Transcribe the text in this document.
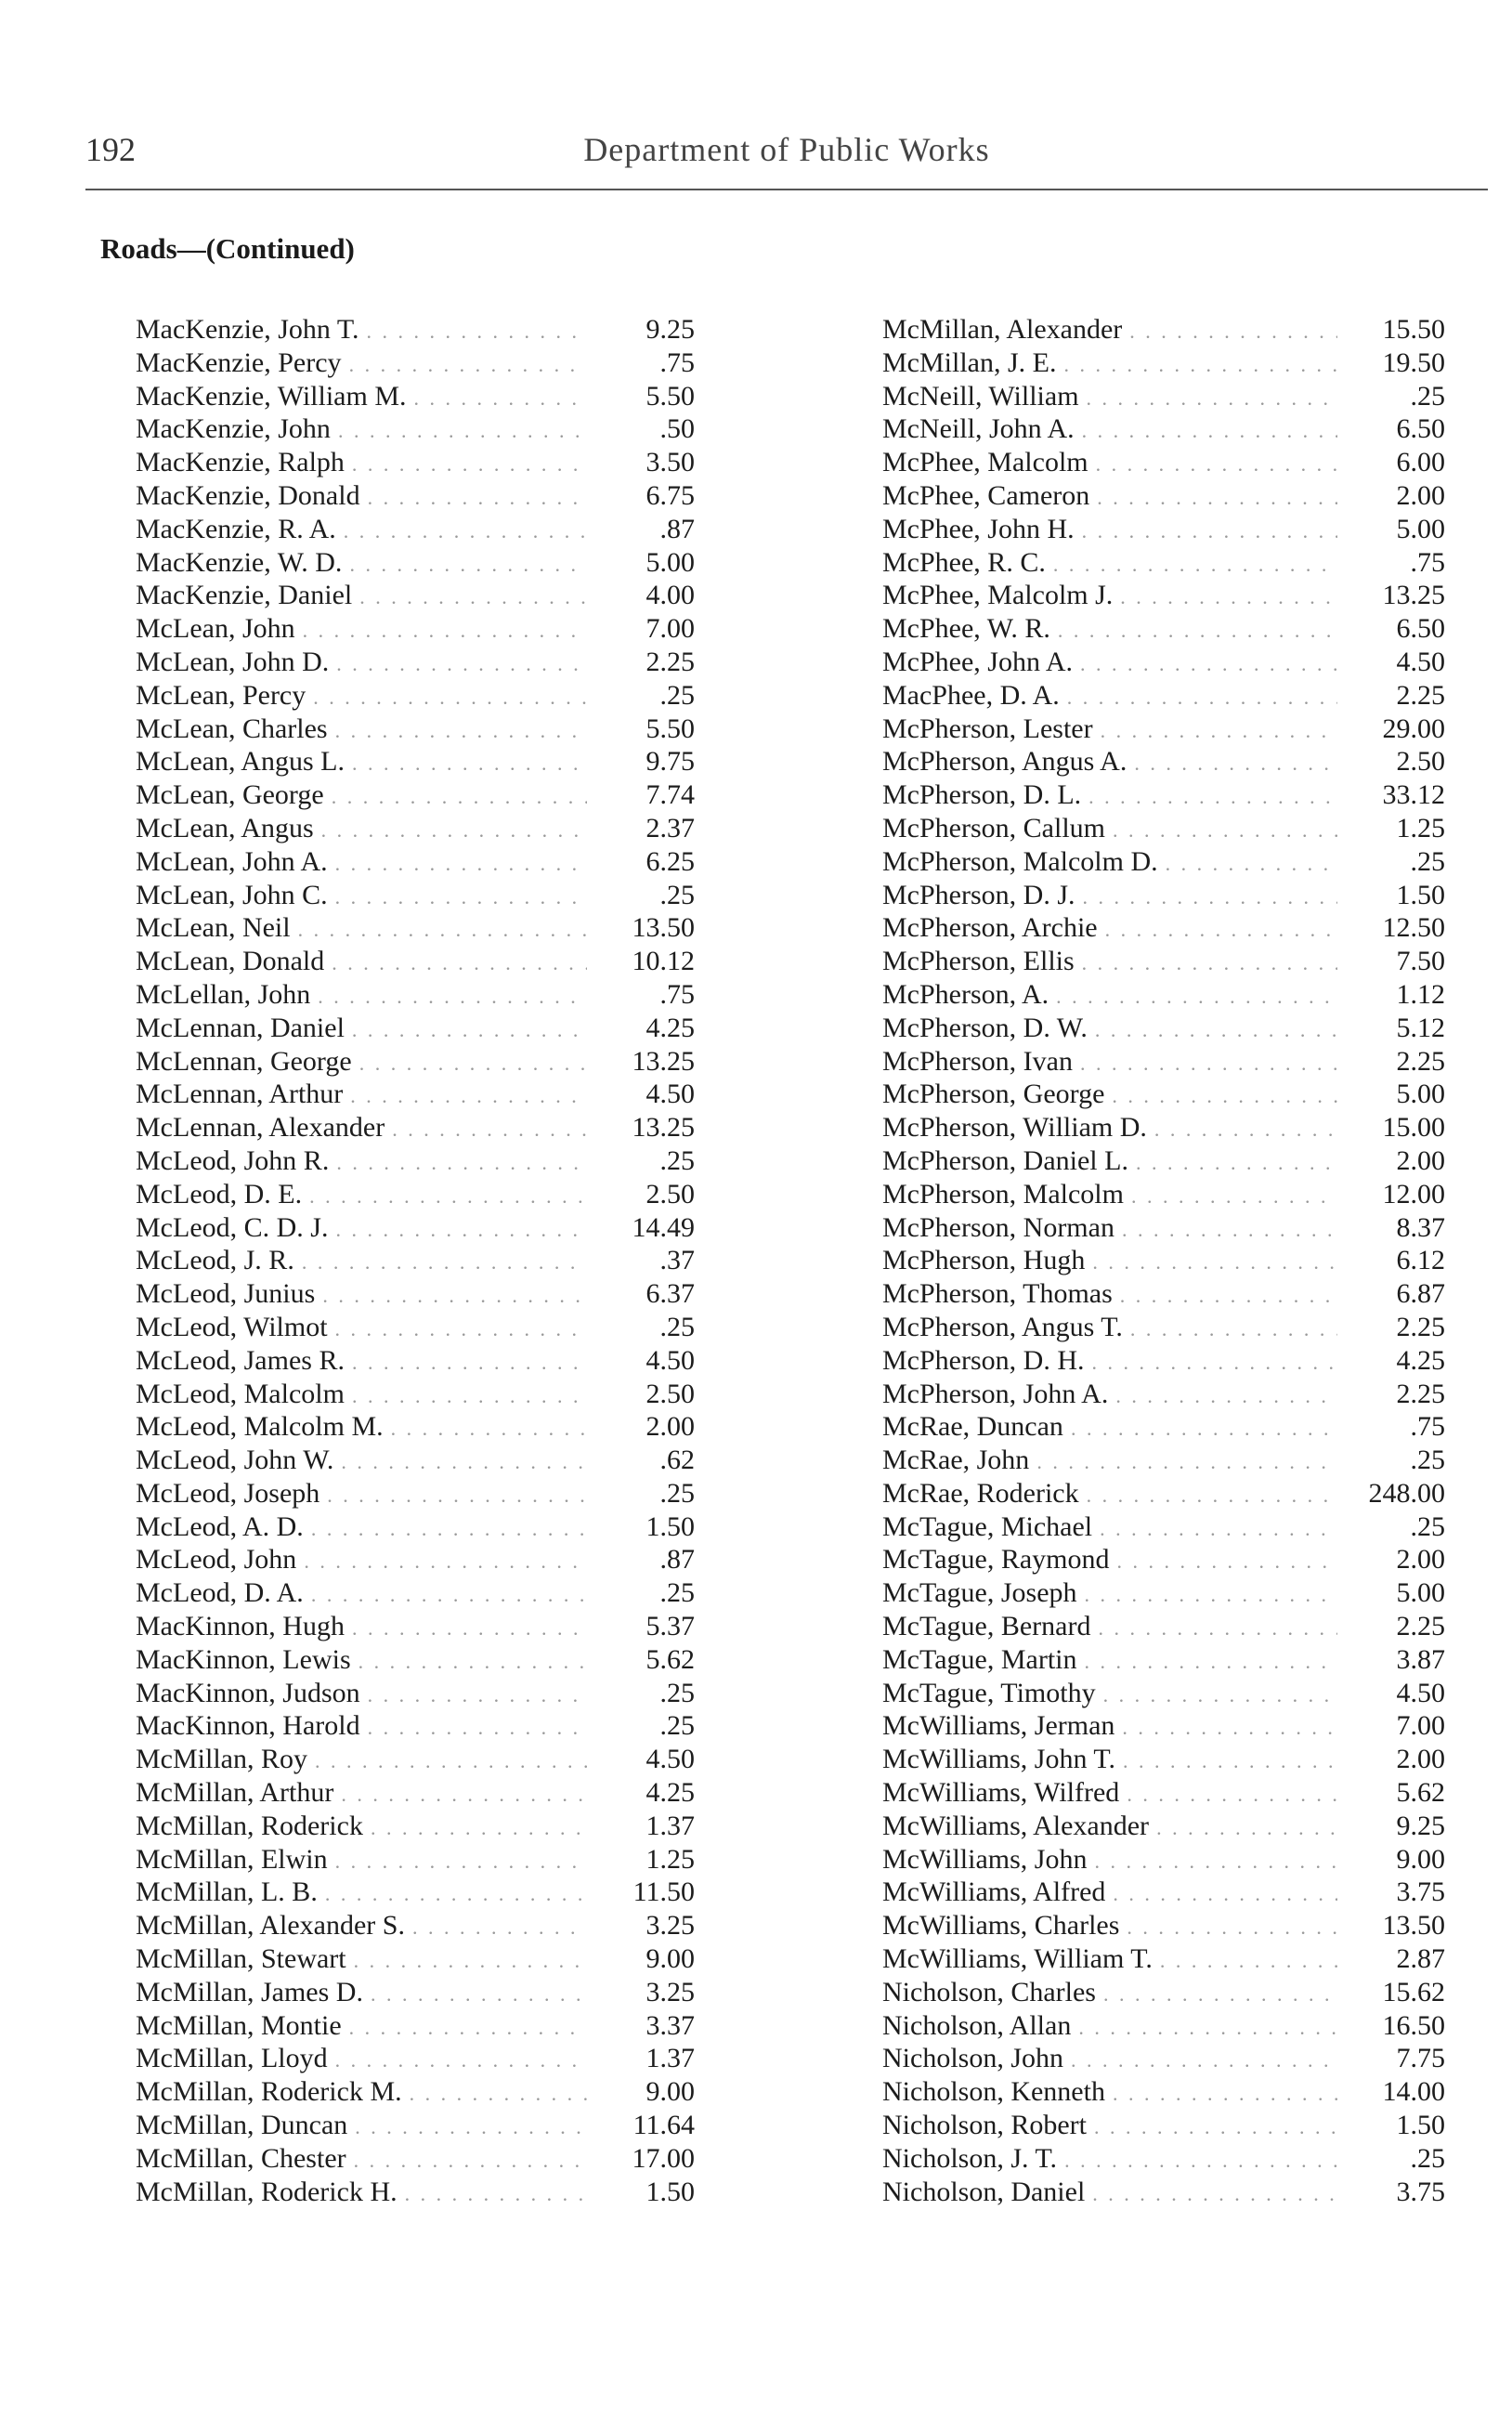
192	Department of Public Works
Roads—(Continued)
MacKenzie, John T. . . .	9.25
MacKenzie, Percy . . .	.75
MacKenzie, William M. . . .	5.50
MacKenzie, John . . .	.50
MacKenzie, Ralph . . .	3.50
MacKenzie, Donald . . .	6.75
MacKenzie, R. A. . . .	.87
MacKenzie, W. D. . . .	5.00
MacKenzie, Daniel . . .	4.00
McLean, John . . .	7.00
McLean, John D. . . .	2.25
McLean, Percy . . .	.25
McLean, Charles . . .	5.50
McLean, Angus L. . . .	9.75
McLean, George . . .	7.74
McLean, Angus . . .	2.37
McLean, John A. . . .	6.25
McLean, John C. . . .	.25
McLean, Neil . . .	13.50
McLean, Donald . . .	10.12
McLellan, John . . .	.75
McLennan, Daniel . . .	4.25
McLennan, George . . .	13.25
McLennan, Arthur . . .	4.50
McLennan, Alexander . . .	13.25
McLeod, John R. . . .	.25
McLeod, D. E. . . .	2.50
McLeod, C. D. J. . . .	14.49
McLeod, J. R. . . .	.37
McLeod, Junius . . .	6.37
McLeod, Wilmot . . .	.25
McLeod, James R. . . .	4.50
McLeod, Malcolm . . .	2.50
McLeod, Malcolm M. . . .	2.00
McLeod, John W. . . .	.62
McLeod, Joseph . . .	.25
McLeod, A. D. . . .	1.50
McLeod, John . . .	.87
McLeod, D. A. . . .	.25
MacKinnon, Hugh . . .	5.37
MacKinnon, Lewis . . .	5.62
MacKinnon, Judson . . .	.25
MacKinnon, Harold . . .	.25
McMillan, Roy . . .	4.50
McMillan, Arthur . . .	4.25
McMillan, Roderick . . .	1.37
McMillan, Elwin . . .	1.25
McMillan, L. B. . . .	11.50
McMillan, Alexander S. . . .	3.25
McMillan, Stewart . . .	9.00
McMillan, James D. . . .	3.25
McMillan, Montie . . .	3.37
McMillan, Lloyd . . .	1.37
McMillan, Roderick M. . . .	9.00
McMillan, Duncan . . .	11.64
McMillan, Chester . . .	17.00
McMillan, Roderick H. . . .	1.50
McMillan, Alexander . . .	15.50
McMillan, J. E. . . .	19.50
McNeill, William . . .	.25
McNeill, John A. . . .	6.50
McPhee, Malcolm . . .	6.00
McPhee, Cameron . . .	2.00
McPhee, John H. . . .	5.00
McPhee, R. C. . . .	.75
McPhee, Malcolm J. . . .	13.25
McPhee, W. R. . . .	6.50
McPhee, John A. . . .	4.50
MacPhee, D. A. . . .	2.25
McPherson, Lester . . .	29.00
McPherson, Angus A. . . .	2.50
McPherson, D. L. . . .	33.12
McPherson, Callum . . .	1.25
McPherson, Malcolm D. . . .	.25
McPherson, D. J. . . .	1.50
McPherson, Archie . . .	12.50
McPherson, Ellis . . .	7.50
McPherson, A. . . .	1.12
McPherson, D. W. . . .	5.12
McPherson, Ivan . . .	2.25
McPherson, George . . .	5.00
McPherson, William D. . . .	15.00
McPherson, Daniel L. . . .	2.00
McPherson, Malcolm . . .	12.00
McPherson, Norman . . .	8.37
McPherson, Hugh . . .	6.12
McPherson, Thomas . . .	6.87
McPherson, Angus T. . . .	2.25
McPherson, D. H. . . .	4.25
McPherson, John A. . . .	2.25
McRae, Duncan . . .	.75
McRae, John . . .	.25
McRae, Roderick . . .	248.00
McTague, Michael . . .	.25
McTague, Raymond . . .	2.00
McTague, Joseph . . .	5.00
McTague, Bernard . . .	2.25
McTague, Martin . . .	3.87
McTague, Timothy . . .	4.50
McWilliams, Jerman . . .	7.00
McWilliams, John T. . . .	2.00
McWilliams, Wilfred . . .	5.62
McWilliams, Alexander . . .	9.25
McWilliams, John . . .	9.00
McWilliams, Alfred . . .	3.75
McWilliams, Charles . . .	13.50
McWilliams, William T. . . .	2.87
Nicholson, Charles . . .	15.62
Nicholson, Allan . . .	16.50
Nicholson, John . . .	7.75
Nicholson, Kenneth . . .	14.00
Nicholson, Robert . . .	1.50
Nicholson, J. T. . . .	.25
Nicholson, Daniel . . .	3.75
